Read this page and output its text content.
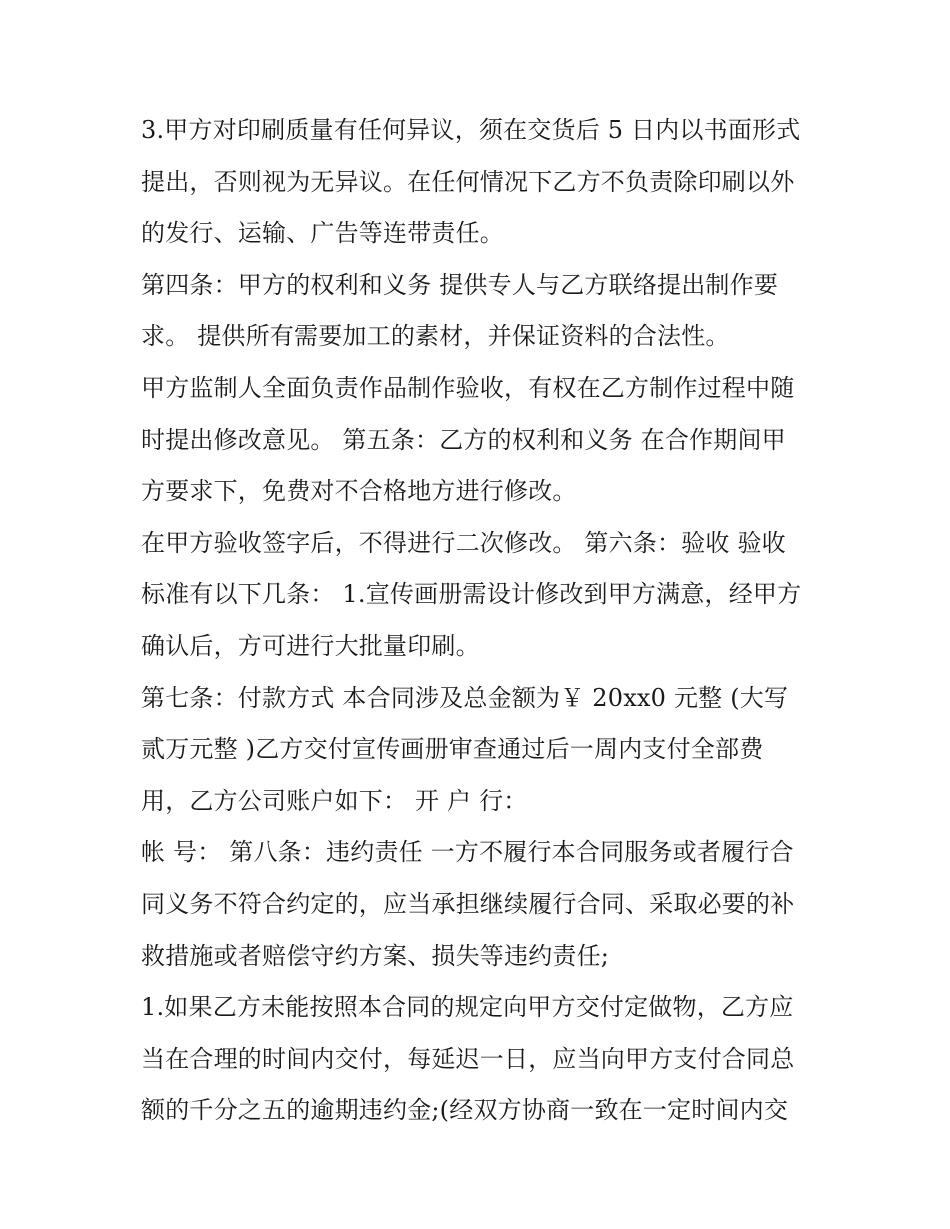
3.甲方对印刷质量有任何异议，须在交货后 5 日内以书面形式
提出，否则视为无异议。在任何情况下乙方不负责除印刷以外
的发行、运输、广告等连带责任。
第四条：甲方的权利和义务 提供专人与乙方联络提出制作要
求。 提供所有需要加工的素材，并保证资料的合法性。
甲方监制人全面负责作品制作验收，有权在乙方制作过程中随
时提出修改意见。 第五条：乙方的权利和义务 在合作期间甲
方要求下，免费对不合格地方进行修改。
在甲方验收签字后，不得进行二次修改。 第六条：验收 验收
标准有以下几条： 1.宣传画册需设计修改到甲方满意，经甲方
确认后，方可进行大批量印刷。
第七条：付款方式 本合同涉及总金额为￥ 20xx0 元整 (大写
贰万元整 )乙方交付宣传画册审查通过后一周内支付全部费
用，乙方公司账户如下： 开 户 行：
帐 号： 第八条：违约责任 一方不履行本合同服务或者履行合
同义务不符合约定的，应当承担继续履行合同、采取必要的补
救措施或者赔偿守约方案、损失等违约责任;
1.如果乙方未能按照本合同的规定向甲方交付定做物，乙方应
当在合理的时间内交付，每延迟一日，应当向甲方支付合同总
额的千分之五的逾期违约金;(经双方协商一致在一定时间内交
